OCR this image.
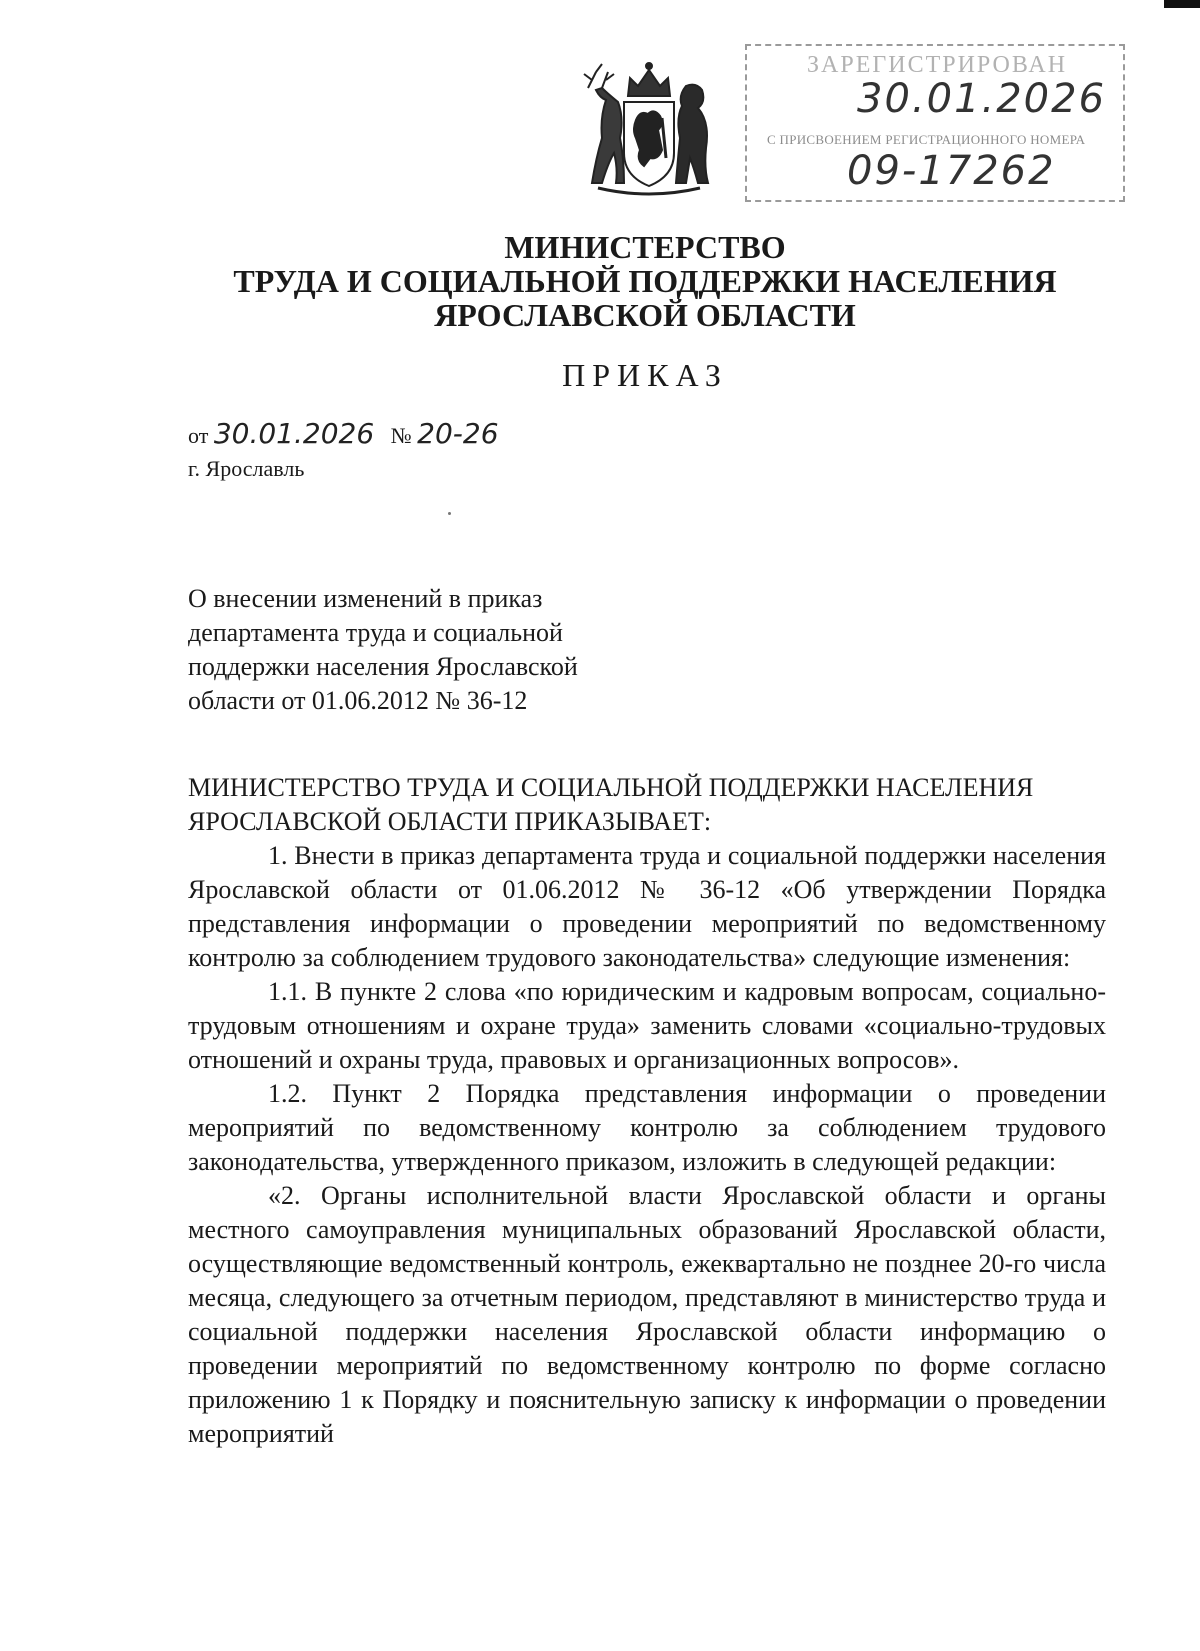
ЗАРЕГИСТРИРОВАН
30.01.2026
С ПРИСВОЕНИЕМ РЕГИСТРАЦИОННОГО НОМЕРА
09-17262
МИНИСТЕРСТВО
ТРУДА И СОЦИАЛЬНОЙ ПОДДЕРЖКИ НАСЕЛЕНИЯ
ЯРОСЛАВСКОЙ ОБЛАСТИ
ПРИКАЗ
от 30.01.2026 № 20-26
г. Ярославль
О внесении изменений в приказ
департамента труда и социальной
поддержки населения Ярославской
области от 01.06.2012 № 36-12

МИНИСТЕРСТВО ТРУДА И СОЦИАЛЬНОЙ ПОДДЕРЖКИ НАСЕЛЕНИЯ ЯРОСЛАВСКОЙ ОБЛАСТИ ПРИКАЗЫВАЕТ:

1. Внести в приказ департамента труда и социальной поддержки населения Ярославской области от 01.06.2012 № 36-12 «Об утверждении Порядка представления информации о проведении мероприятий по ведомственному контролю за соблюдением трудового законодательства» следующие изменения:

1.1. В пункте 2 слова «по юридическим и кадровым вопросам, социально-трудовым отношениям и охране труда» заменить словами «социально-трудовых отношений и охраны труда, правовых и организационных вопросов».

1.2. Пункт 2 Порядка представления информации о проведении мероприятий по ведомственному контролю за соблюдением трудового законодательства, утвержденного приказом, изложить в следующей редакции:

«2. Органы исполнительной власти Ярославской области и органы местного самоуправления муниципальных образований Ярославской области, осуществляющие ведомственный контроль, ежеквартально не позднее 20-го числа месяца, следующего за отчетным периодом, представляют в министерство труда и социальной поддержки населения Ярославской области информацию о проведении мероприятий по ведомственному контролю по форме согласно приложению 1 к Порядку и пояснительную записку к информации о проведении мероприятий
